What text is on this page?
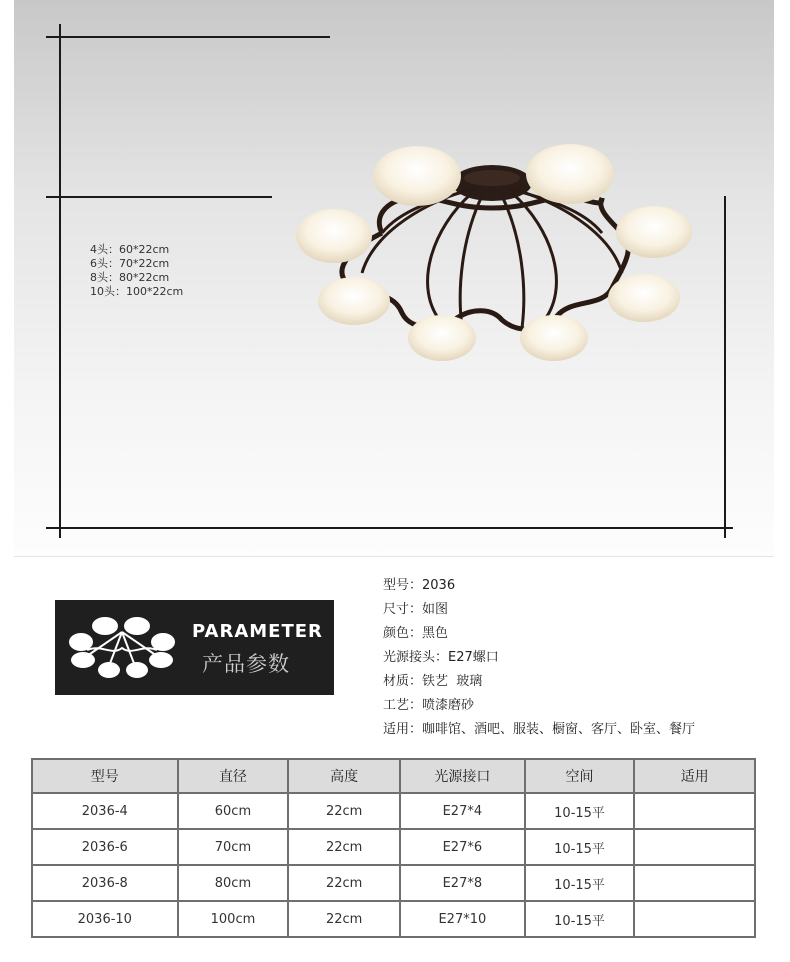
4头：60*22cm
6头：70*22cm
8头：80*22cm
10头：100*22cm
PARAMETER
产品参数
型号：2036
尺寸：如图
颜色：黑色
光源接头：E27螺口
材质：铁艺  玻璃
工艺：喷漆磨砂
适用：咖啡馆、酒吧、服装、橱窗、客厅、卧室、餐厅
型号	直径	高度	光源接口	空间	适用
2036-4	60cm	22cm	E27*4	10-15平	
2036-6	70cm	22cm	E27*6	10-15平	
2036-8	80cm	22cm	E27*8	10-15平	
2036-10	100cm	22cm	E27*10	10-15平	
